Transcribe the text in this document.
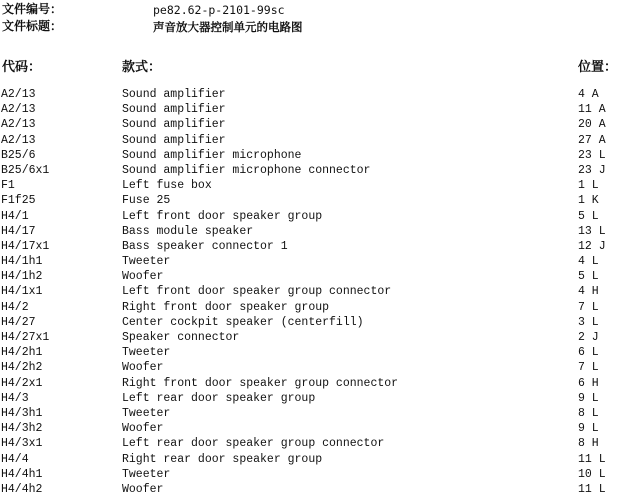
文件编号：	pe82.62-p-2101-99sc
文件标题：	声音放大器控制单元的电路图
代码：	款式：	位置：
A2/13	Sound amplifier	4 A
A2/13	Sound amplifier	11 A
A2/13	Sound amplifier	20 A
A2/13	Sound amplifier	27 A
B25/6	Sound amplifier microphone	23 L
B25/6x1	Sound amplifier microphone connector	23 J
F1	Left fuse box	1 L
F1f25	Fuse 25	1 K
H4/1	Left front door speaker group	5 L
H4/17	Bass module speaker	13 L
H4/17x1	Bass speaker connector 1	12 J
H4/1h1	Tweeter	4 L
H4/1h2	Woofer	5 L
H4/1x1	Left front door speaker group connector	4 H
H4/2	Right front door speaker group	7 L
H4/27	Center cockpit speaker (centerfill)	3 L
H4/27x1	Speaker connector	2 J
H4/2h1	Tweeter	6 L
H4/2h2	Woofer	7 L
H4/2x1	Right front door speaker group connector	6 H
H4/3	Left rear door speaker group	9 L
H4/3h1	Tweeter	8 L
H4/3h2	Woofer	9 L
H4/3x1	Left rear door speaker group connector	8 H
H4/4	Right rear door speaker group	11 L
H4/4h1	Tweeter	10 L
H4/4h2	Woofer	11 L
